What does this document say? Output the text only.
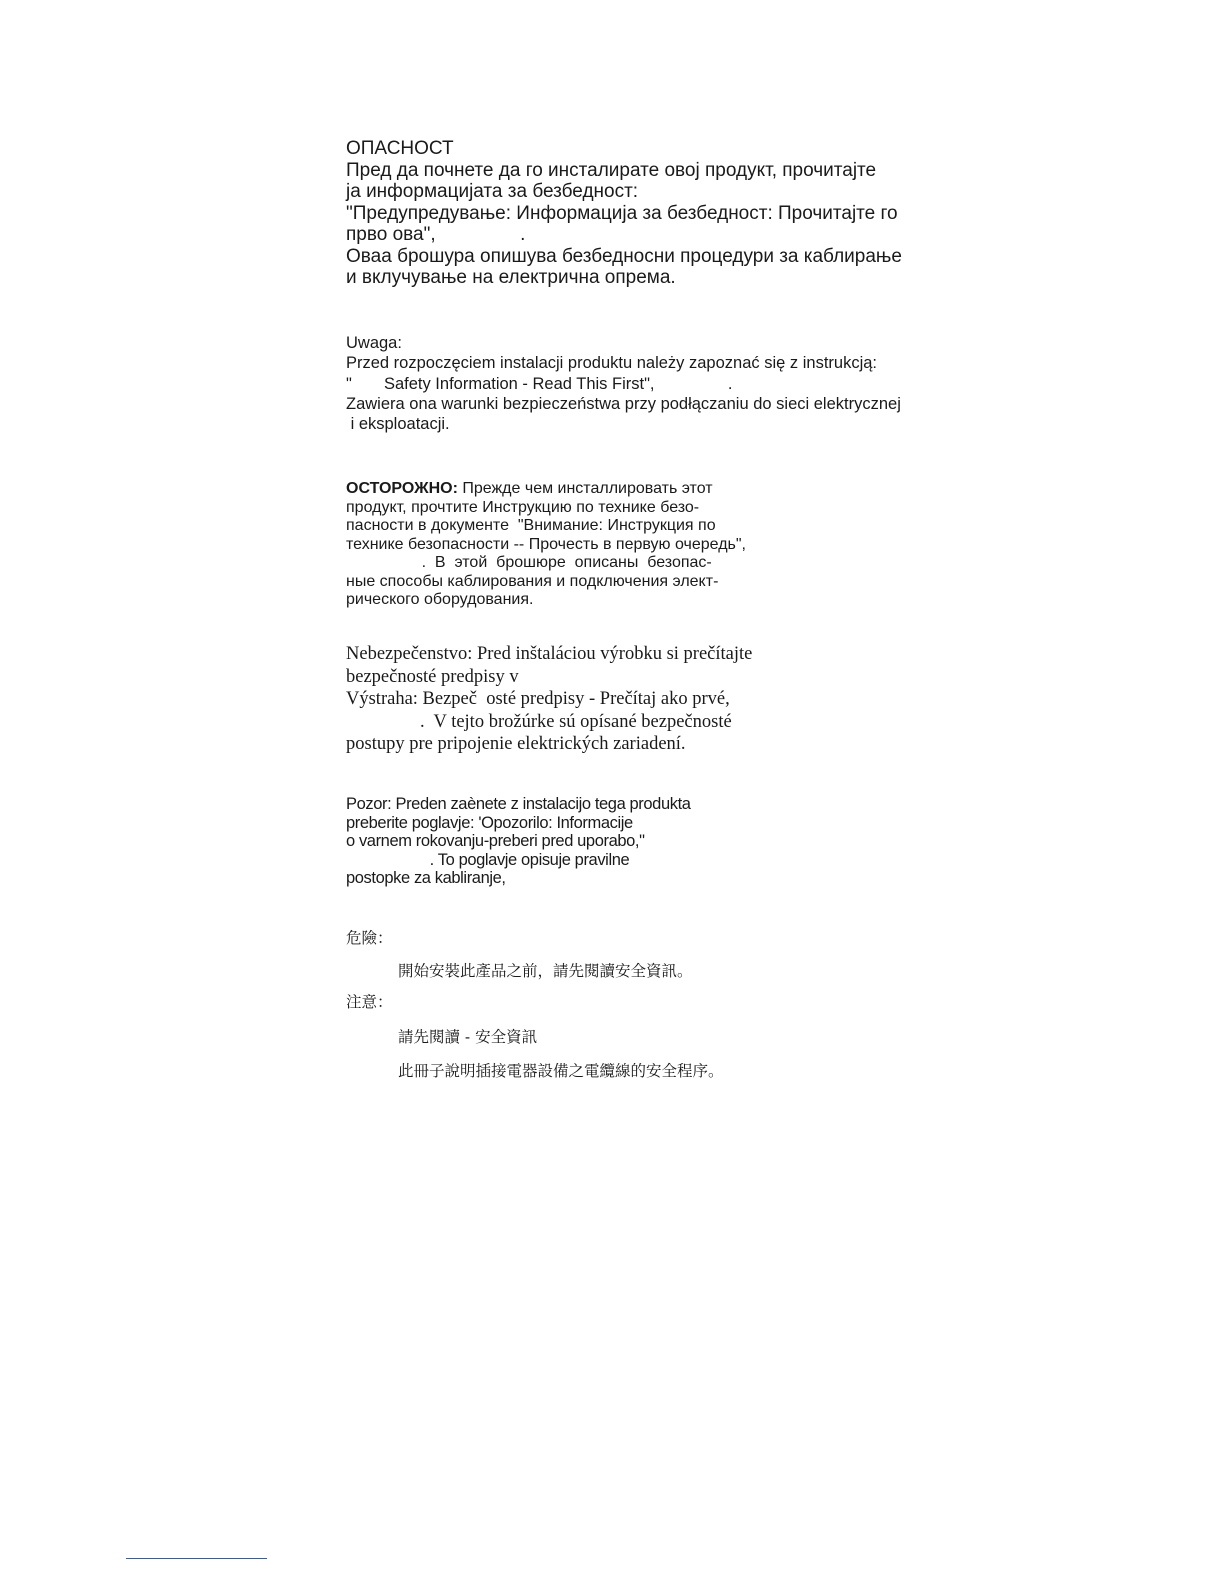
ОПАСНОСТ
Пред да почнете да го инсталирате овој продукт, прочитајте
ја информацијата за безбедност:
"Предупредување: Информација за безбедност: Прочитајте го
прво ова",                .
Оваа брошура опишува безбедносни процедури за каблирање
и вклучување на електрична опрема.
Uwaga:
Przed rozpoczęciem instalacji produktu należy zapoznać się z instrukcją:
"       Safety Information - Read This First",                .
Zawiera ona warunki bezpieczeństwa przy podłączaniu do sieci elektrycznej
i eksploatacji.
ОСТОРОЖНО: Прежде чем инсталлировать этот
продукт, прочтите Инструкцию по технике безо-
пасности в документе  "Внимание: Инструкция по
технике безопасности -- Прочесть в первую очередь",
.  В  этой  брошюре  описаны  безопас-
ные способы каблирования и подключения элект-
рического оборудования.
Nebezpečenstvo: Pred inštaláciou výrobku si prečítajte
bezpečnosté predpisy v
Výstraha: Bezpeč  osté predpisy - Prečítaj ako prvé,
.  V tejto brožúrke sú opísané bezpečnosté
postupy pre pripojenie elektrických zariadení.
Pozor: Preden zaènete z instalacijo tega produkta
preberite poglavje: 'Opozorilo: Informacije
o varnem rokovanju-preberi pred uporabo,"
. To poglavje opisuje pravilne
postopke za kabliranje,
危險：
開始安裝此產品之前，請先閱讀安全資訊。
注意：
請先閱讀 - 安全資訊
此冊子說明插接電器設備之電纜線的安全程序。
